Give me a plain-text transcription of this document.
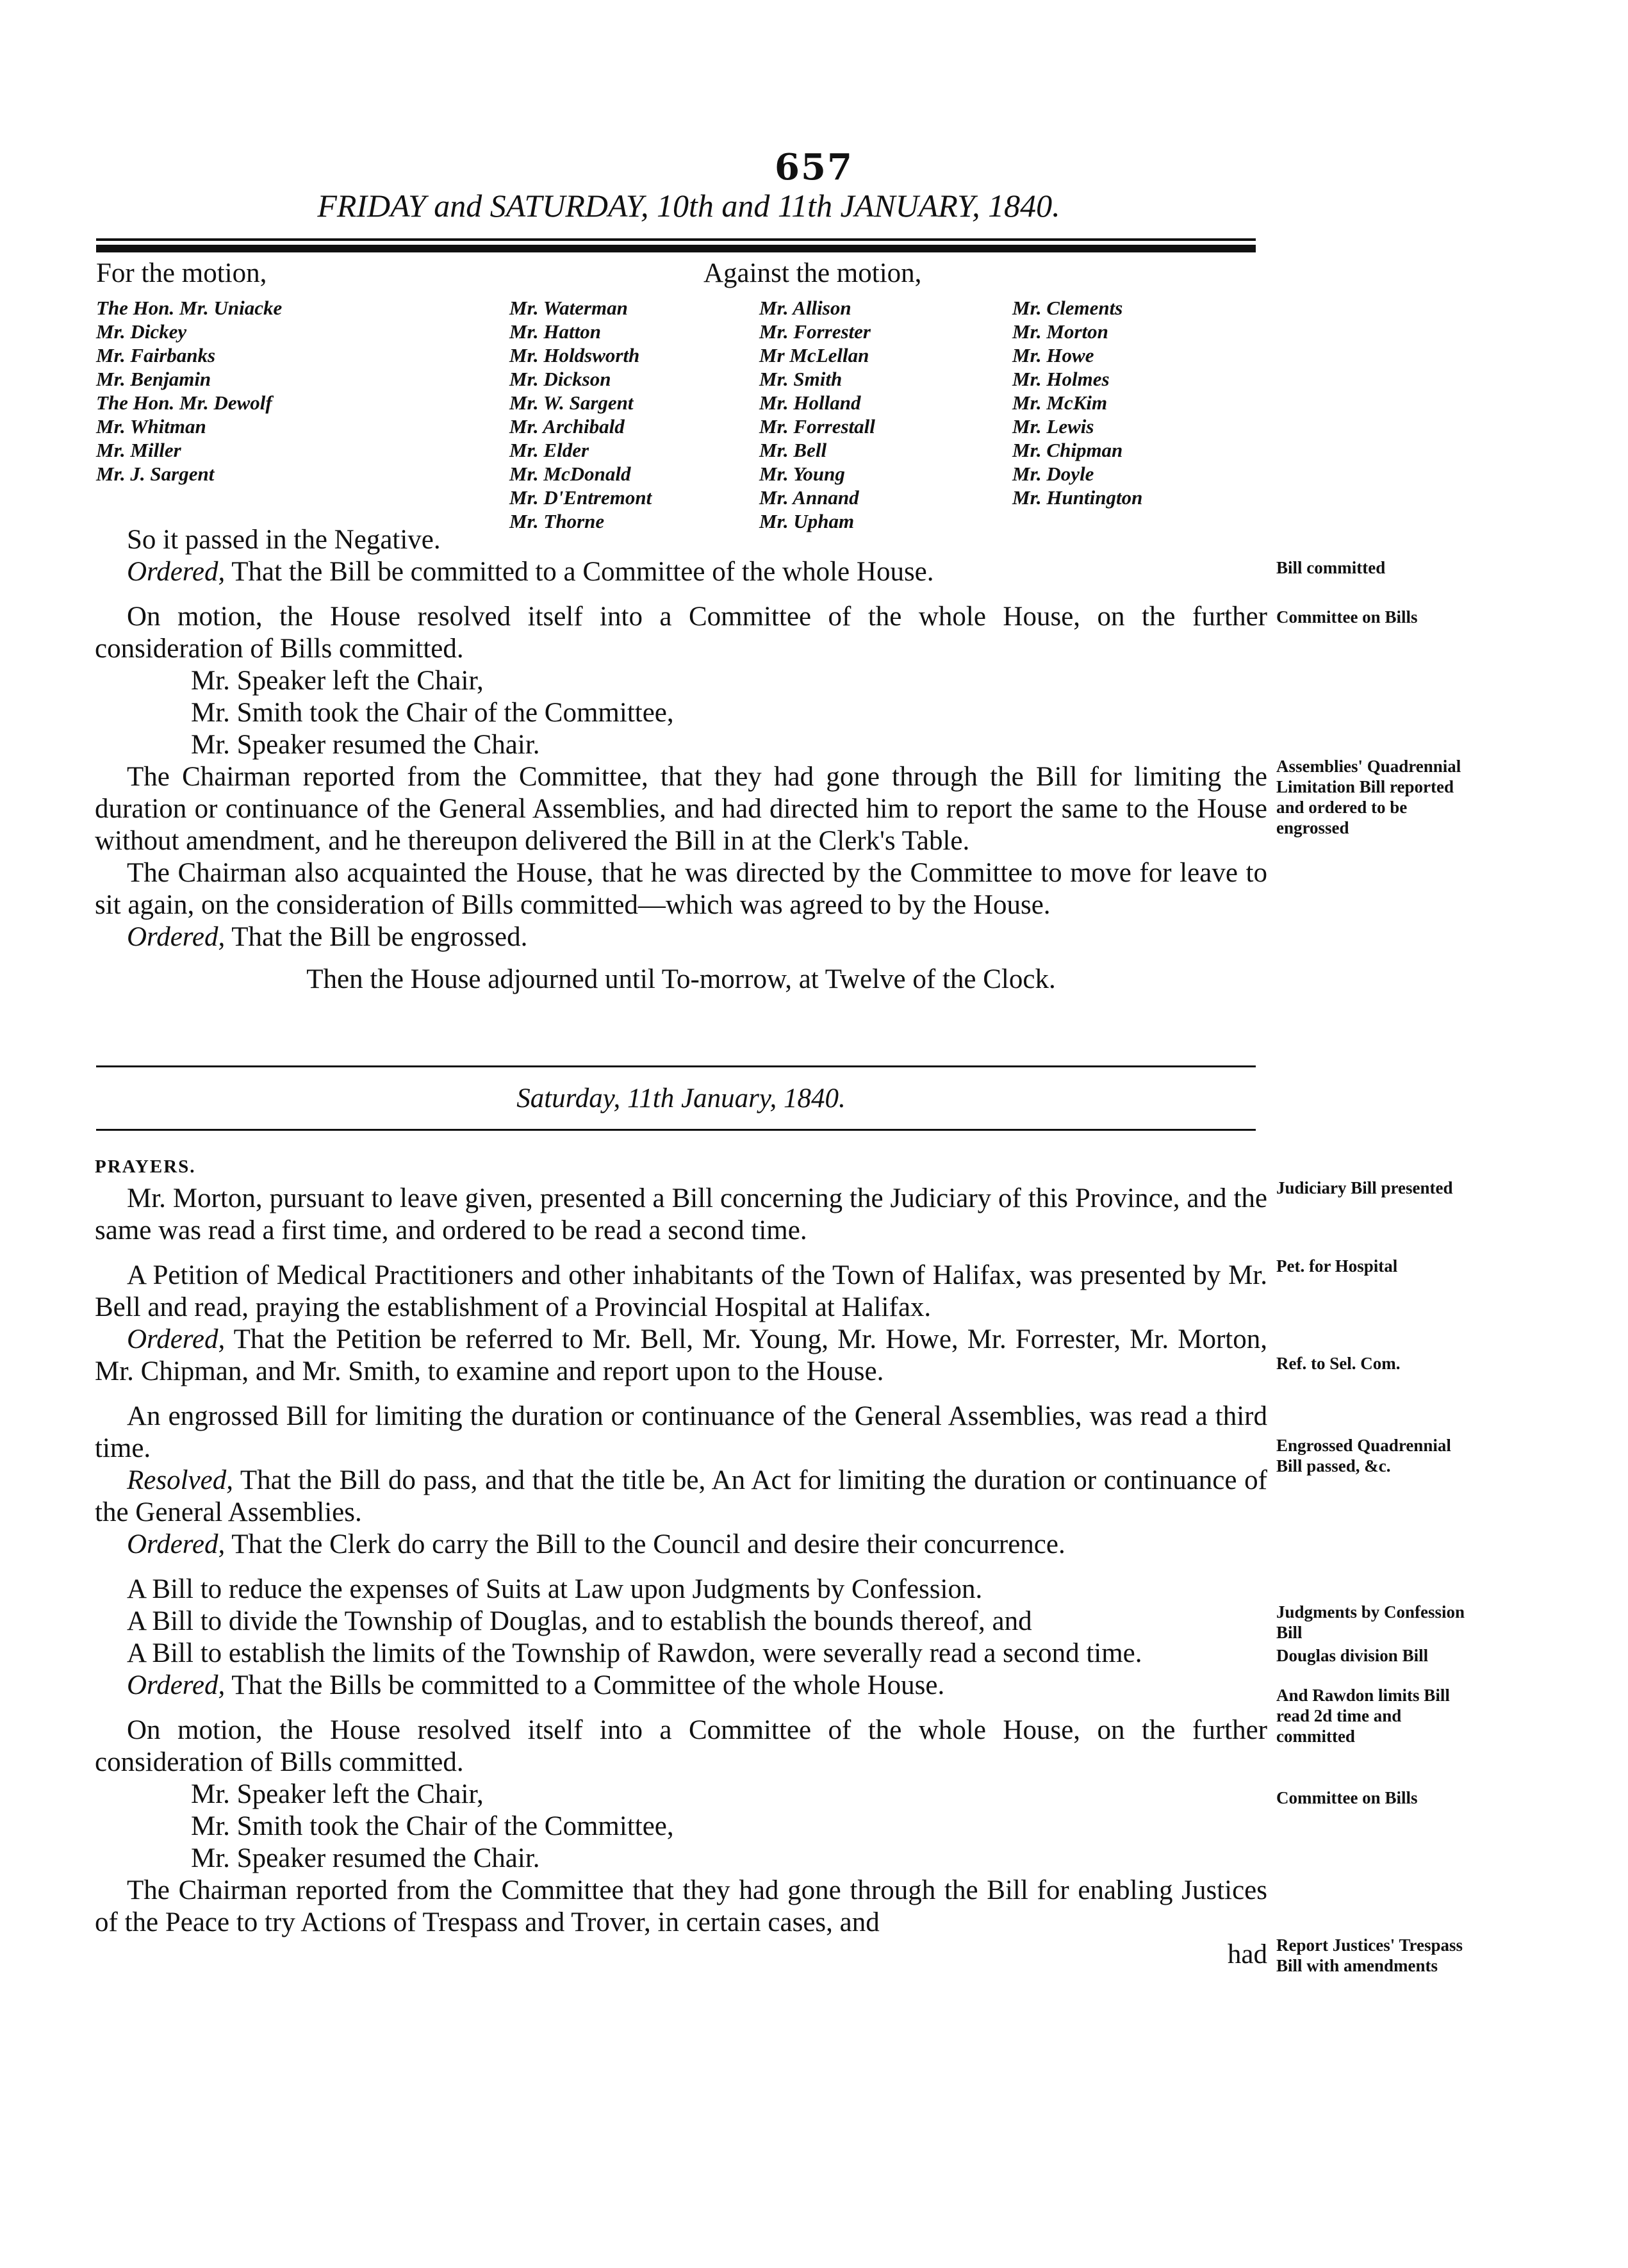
657
FRIDAY and SATURDAY, 10th and 11th JANUARY, 1840.
For the motion,	Against the motion,
The Hon. Mr. Uniacke
Mr. Dickey
Mr. Fairbanks
Mr. Benjamin
The Hon. Mr. Dewolf
Mr. Whitman
Mr. Miller
Mr. J. Sargent
Mr. Waterman
Mr. Hatton
Mr. Holdsworth
Mr. Dickson
Mr. W. Sargent
Mr. Archibald
Mr. Elder
Mr. McDonald
Mr. D'Entremont
Mr. Thorne
Mr. Allison
Mr. Forrester
Mr McLellan
Mr. Smith
Mr. Holland
Mr. Forrestall
Mr. Bell
Mr. Young
Mr. Annand
Mr. Upham
Mr. Clements
Mr. Morton
Mr. Howe
Mr. Holmes
Mr. McKim
Mr. Lewis
Mr. Chipman
Mr. Doyle
Mr. Huntington

So it passed in the Negative.

Ordered, That the Bill be committed to a Committee of the whole House.

On motion, the House resolved itself into a Committee of the whole House, on the further consideration of Bills committed.

Mr. Speaker left the Chair,

Mr. Smith took the Chair of the Committee,

Mr. Speaker resumed the Chair.

The Chairman reported from the Committee, that they had gone through the Bill for limiting the duration or continuance of the General Assemblies, and had directed him to report the same to the House without amendment, and he thereupon delivered the Bill in at the Clerk's Table.

The Chairman also acquainted the House, that he was directed by the Committee to move for leave to sit again, on the consideration of Bills committed—which was agreed to by the House.

Ordered, That the Bill be engrossed.

Then the House adjourned until To-morrow, at Twelve of the Clock.

Saturday, 11th January, 1840.

PRAYERS.

Mr. Morton, pursuant to leave given, presented a Bill concerning the Judiciary of this Province, and the same was read a first time, and ordered to be read a second time.

A Petition of Medical Practitioners and other inhabitants of the Town of Halifax, was presented by Mr. Bell and read, praying the establishment of a Provincial Hospital at Halifax.

Ordered, That the Petition be referred to Mr. Bell, Mr. Young, Mr. Howe, Mr. Forrester, Mr. Morton, Mr. Chipman, and Mr. Smith, to examine and report upon to the House.

An engrossed Bill for limiting the duration or continuance of the General Assemblies, was read a third time.

Resolved, That the Bill do pass, and that the title be, An Act for limiting the duration or continuance of the General Assemblies.

Ordered, That the Clerk do carry the Bill to the Council and desire their concurrence.

A Bill to reduce the expenses of Suits at Law upon Judgments by Confession.

A Bill to divide the Township of Douglas, and to establish the bounds thereof, and

A Bill to establish the limits of the Township of Rawdon, were severally read a second time.

Ordered, That the Bills be committed to a Committee of the whole House.

On motion, the House resolved itself into a Committee of the whole House, on the further consideration of Bills committed.

Mr. Speaker left the Chair,

Mr. Smith took the Chair of the Committee,

Mr. Speaker resumed the Chair.

The Chairman reported from the Committee that they had gone through the Bill for enabling Justices of the Peace to try Actions of Trespass and Trover, in certain cases, and

had

Bill committed
Committee on Bills
Assemblies' Quadrennial Limitation Bill reported and ordered to be engrossed
Judiciary Bill presented
Pet. for Hospital
Ref. to Sel. Com.
Engrossed Quadrennial Bill passed, &c.
Judgments by Confession Bill
Douglas division Bill
And Rawdon limits Bill read 2d time and committed
Committee on Bills
Report Justices' Trespass Bill with amendments
